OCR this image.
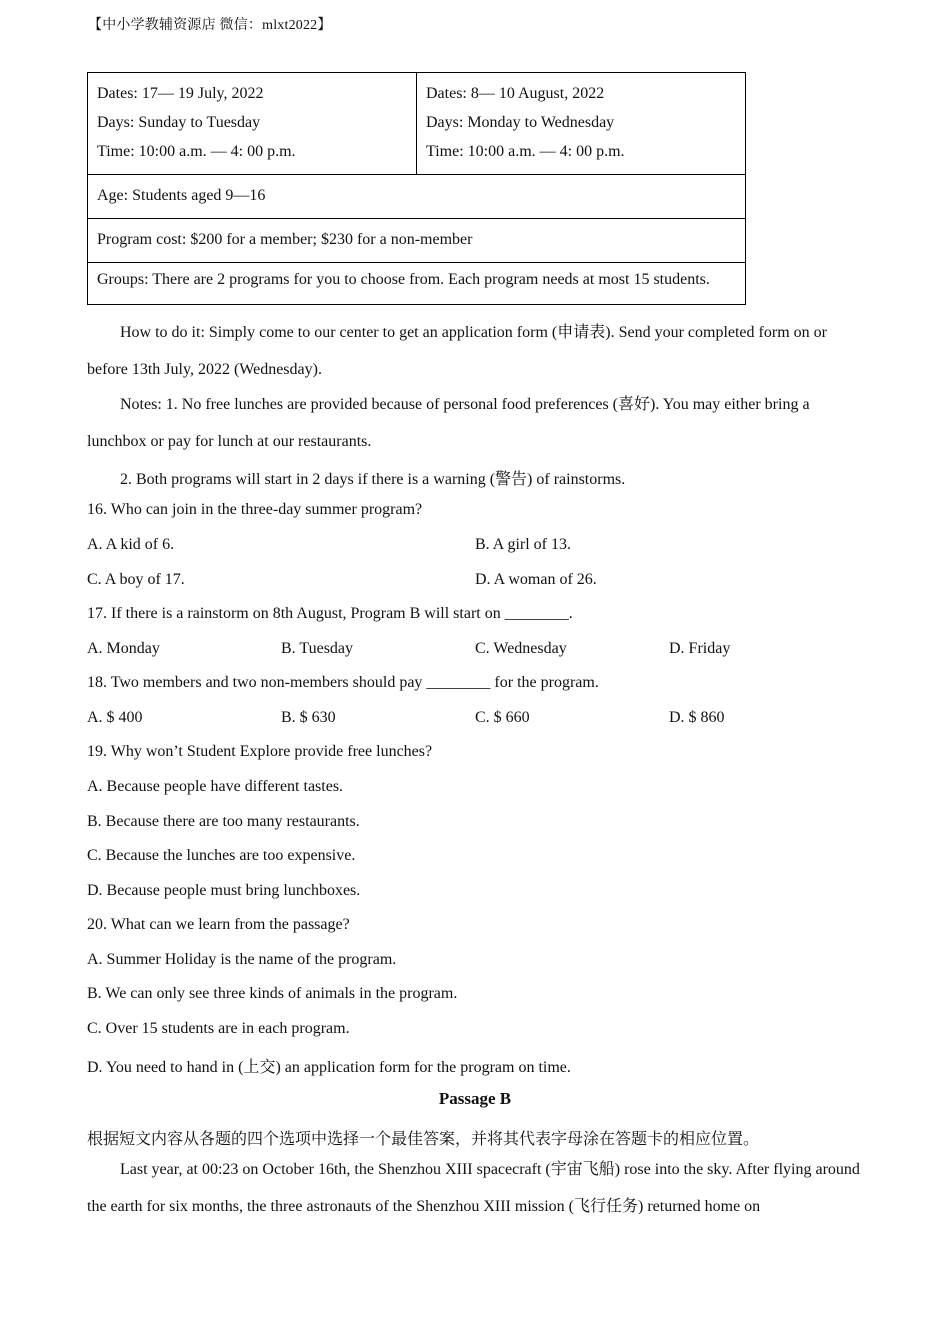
【中小学教辅资源店 微信：mlxt2022】
Dates: 17— 19 July, 2022
Days: Sunday to Tuesday
Time: 10:00 a.m. — 4: 00 p.m.

Dates: 8— 10 August, 2022
Days: Monday to Wednesday
Time: 10:00 a.m. — 4: 00 p.m.

Age: Students aged 9—16
Program cost: $200 for a member; $230 for a non-member
Groups: There are 2 programs for you to choose from. Each program needs at most 15 students.

How to do it: Simply come to our center to get an application form (申请表). Send your completed form on or before 13th July, 2022 (Wednesday).

Notes: 1. No free lunches are provided because of personal food preferences (喜好). You may either bring a lunchbox or pay for lunch at our restaurants.

2. Both programs will start in 2 days if there is a warning (警告) of rainstorms.
16. Who can join in the three-day summer program?
A. A kid of 6.	B. A girl of 13.
C. A boy of 17.	D. A woman of 26.
17. If there is a rainstorm on 8th August, Program B will start on ________.
A. Monday	B. Tuesday	C. Wednesday	D. Friday
18. Two members and two non-members should pay ________ for the program.
A. $ 400	B. $ 630	C. $ 660	D. $ 860
19. Why won’t Student Explore provide free lunches?
A. Because people have different tastes.
B. Because there are too many restaurants.
C. Because the lunches are too expensive.
D. Because people must bring lunchboxes.
20. What can we learn from the passage?
A. Summer Holiday is the name of the program.
B. We can only see three kinds of animals in the program.
C. Over 15 students are in each program.
D. You need to hand in (上交) an application form for the program on time.
Passage B
根据短文内容从各题的四个选项中选择一个最佳答案，并将其代表字母涂在答题卡的相应位置。

Last year, at 00:23 on October 16th, the Shenzhou XIII spacecraft (宇宙飞船) rose into the sky. After flying around the earth for six months, the three astronauts of the Shenzhou XIII mission (飞行任务) returned home on
